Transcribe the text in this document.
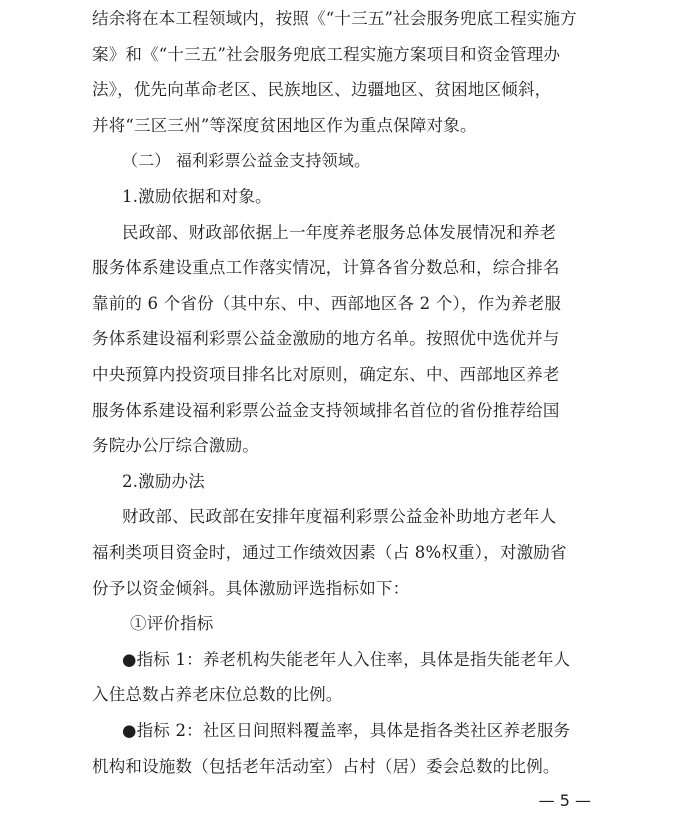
结余将在本工程领域内，按照《“十三五”社会服务兜底工程实施方
案》和《“十三五”社会服务兜底工程实施方案项目和资金管理办
法》，优先向革命老区、民族地区、边疆地区、贫困地区倾斜，
并将“三区三州”等深度贫困地区作为重点保障对象。
（二） 福利彩票公益金支持领域。
1.激励依据和对象。
民政部、财政部依据上一年度养老服务总体发展情况和养老
服务体系建设重点工作落实情况，计算各省分数总和，综合排名
靠前的 6 个省份（其中东、中、西部地区各 2 个），作为养老服
务体系建设福利彩票公益金激励的地方名单。按照优中选优并与
中央预算内投资项目排名比对原则，确定东、中、西部地区养老
服务体系建设福利彩票公益金支持领域排名首位的省份推荐给国
务院办公厅综合激励。
2.激励办法
财政部、民政部在安排年度福利彩票公益金补助地方老年人
福利类项目资金时，通过工作绩效因素（占 8%权重），对激励省
份予以资金倾斜。具体激励评选指标如下：
①评价指标
●指标 1：养老机构失能老年人入住率，具体是指失能老年人
入住总数占养老床位总数的比例。
●指标 2：社区日间照料覆盖率，具体是指各类社区养老服务
机构和设施数（包括老年活动室）占村（居）委会总数的比例。
— 5 —
